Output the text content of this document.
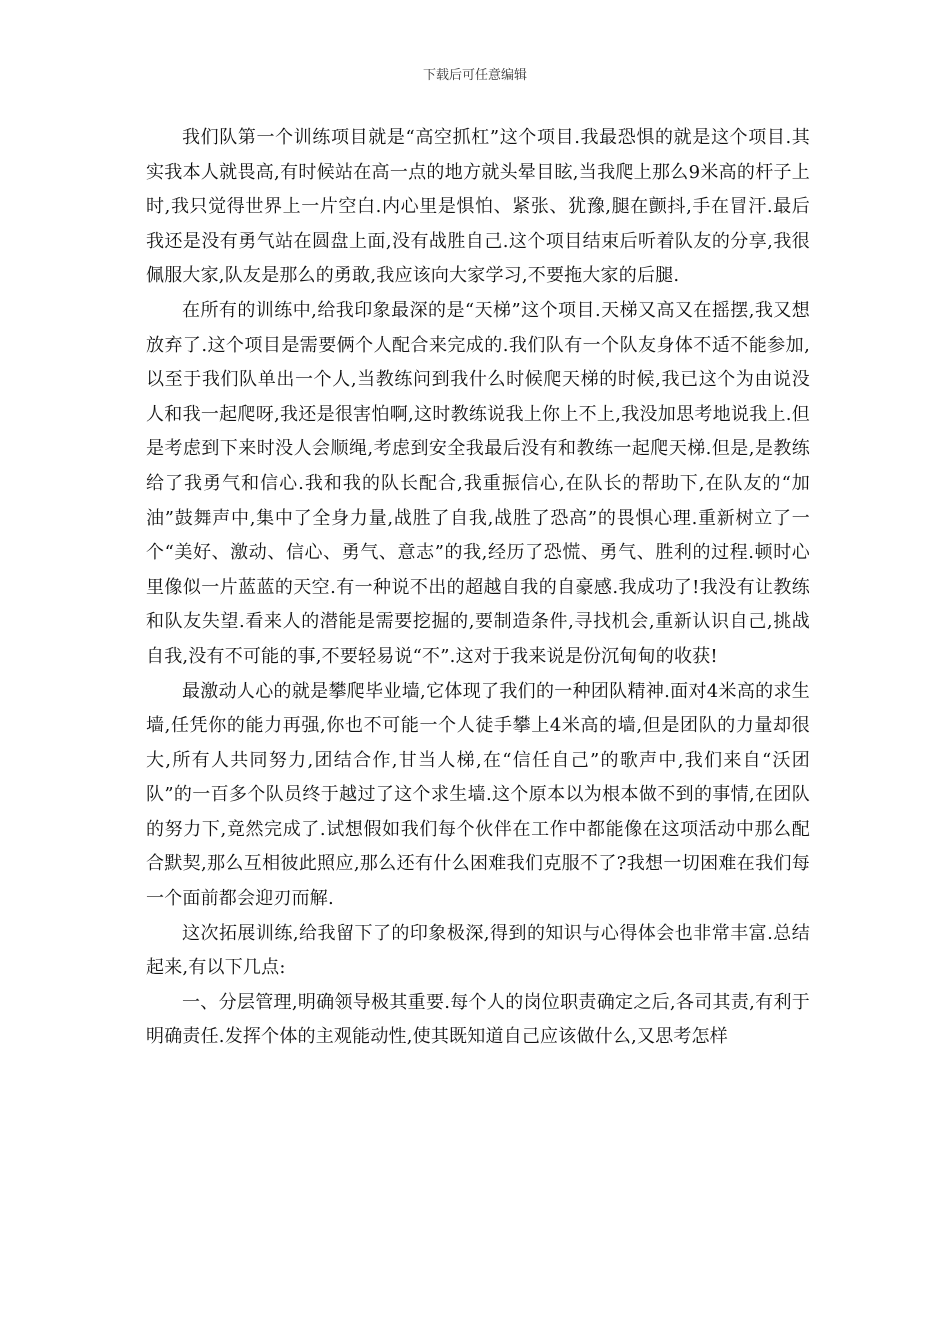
下载后可任意编辑

我们队第一个训练项目就是“高空抓杠”这个项目.我最恐惧的就是这个项目.其实我本人就畏高,有时候站在高一点的地方就头晕目眩,当我爬上那么9米高的杆子上时,我只觉得世界上一片空白.内心里是惧怕、紧张、犹豫,腿在颤抖,手在冒汗.最后我还是没有勇气站在圆盘上面,没有战胜自己.这个项目结束后听着队友的分享,我很佩服大家,队友是那么的勇敢,我应该向大家学习,不要拖大家的后腿.

在所有的训练中,给我印象最深的是“天梯”这个项目.天梯又高又在摇摆,我又想放弃了.这个项目是需要俩个人配合来完成的.我们队有一个队友身体不适不能参加,以至于我们队单出一个人,当教练问到我什么时候爬天梯的时候,我已这个为由说没人和我一起爬呀,我还是很害怕啊,这时教练说我上你上不上,我没加思考地说我上.但是考虑到下来时没人会顺绳,考虑到安全我最后没有和教练一起爬天梯.但是,是教练给了我勇气和信心.我和我的队长配合,我重振信心,在队长的帮助下,在队友的“加油”鼓舞声中,集中了全身力量,战胜了自我,战胜了恐高”的畏惧心理.重新树立了一个“美好、激动、信心、勇气、意志”的我,经历了恐慌、勇气、胜利的过程.顿时心里像似一片蓝蓝的天空.有一种说不出的超越自我的自豪感.我成功了!我没有让教练和队友失望.看来人的潜能是需要挖掘的,要制造条件,寻找机会,重新认识自己,挑战自我,没有不可能的事,不要轻易说“不”.这对于我来说是份沉甸甸的收获!

最激动人心的就是攀爬毕业墙,它体现了我们的一种团队精神.面对4米高的求生墙,任凭你的能力再强,你也不可能一个人徒手攀上4米高的墙,但是团队的力量却很大,所有人共同努力,团结合作,甘当人梯,在“信任自己”的歌声中,我们来自“沃团队”的一百多个队员终于越过了这个求生墙.这个原本以为根本做不到的事情,在团队的努力下,竟然完成了.试想假如我们每个伙伴在工作中都能像在这项活动中那么配合默契,那么互相彼此照应,那么还有什么困难我们克服不了?我想一切困难在我们每一个面前都会迎刃而解.

这次拓展训练,给我留下了的印象极深,得到的知识与心得体会也非常丰富.总结起来,有以下几点:

一、分层管理,明确领导极其重要.每个人的岗位职责确定之后,各司其责,有利于明确责任.发挥个体的主观能动性,使其既知道自己应该做什么,又思考怎样
